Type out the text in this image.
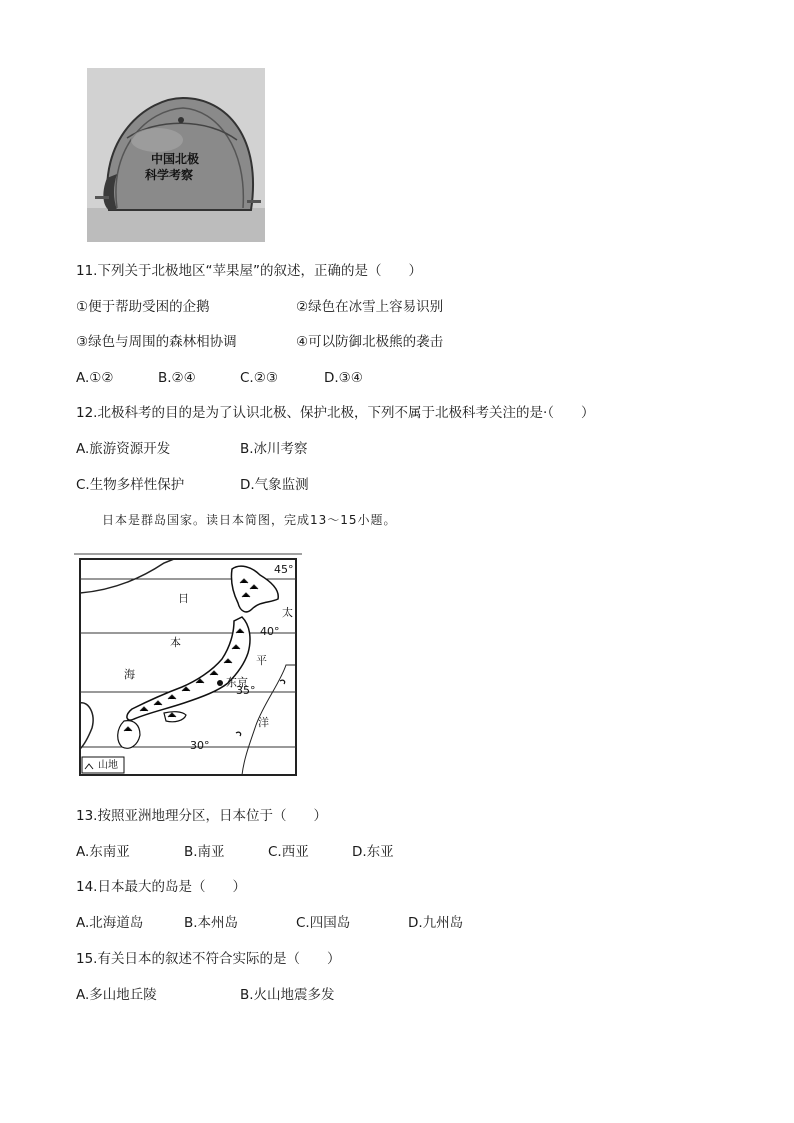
中国北极
科学考察
11.下列关于北极地区“苹果屋”的叙述，正确的是（　　）
①便于帮助受困的企鹅	②绿色在冰雪上容易识别
③绿色与周围的森林相协调	④可以防御北极熊的袭击
A.①②	B.②④	C.②③	D.③④
12.北极科考的目的是为了认识北极、保护北极，下列不属于北极科考关注的是·（　　）
A.旅游资源开发	B.冰川考察
C.生物多样性保护	D.气象监测
日本是群岛国家。读日本简图，完成13～15小题。
日
本
海
太
平
洋
东京
45°
40°
35°
30°
山地
13.按照亚洲地理分区，日本位于（　　）
A.东南亚	B.南亚	C.西亚	D.东亚
14.日本最大的岛是（　　）
A.北海道岛	B.本州岛	C.四国岛	D.九州岛
15.有关日本的叙述不符合实际的是（　　）
A.多山地丘陵	B.火山地震多发
